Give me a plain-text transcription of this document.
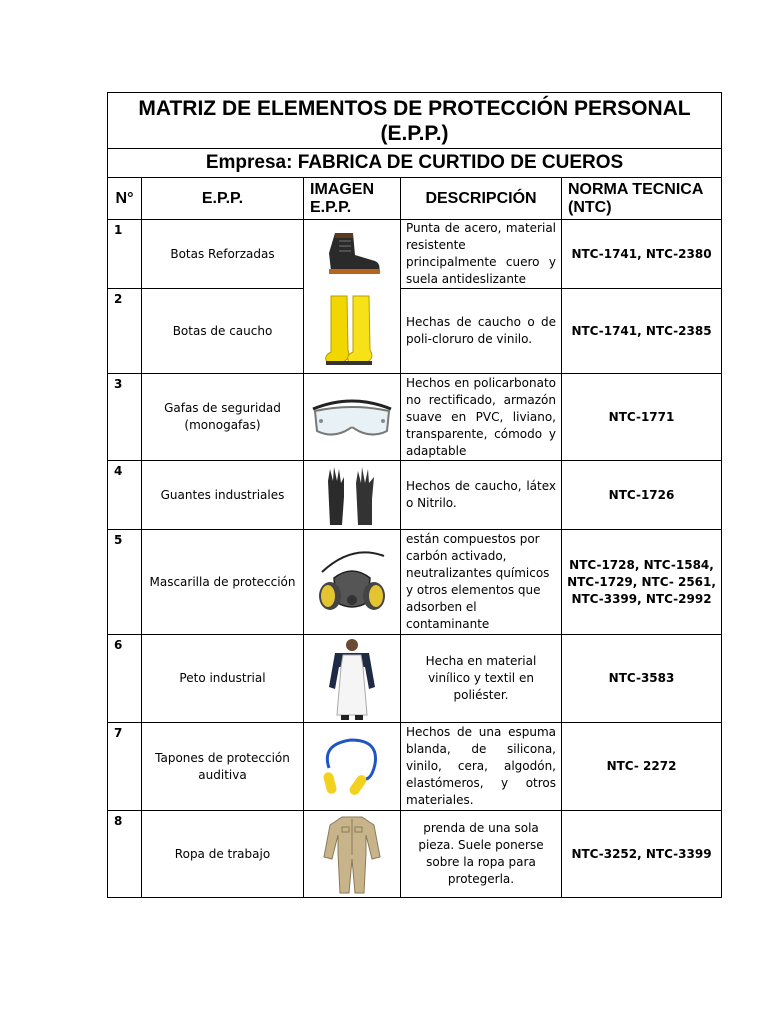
MATRIZ DE ELEMENTOS DE PROTECCIÓN PERSONAL (E.P.P.)				
Empresa: FABRICA DE CURTIDO DE CUEROS				
N°	E.P.P.	IMAGEN E.P.P.	DESCRIPCIÓN	NORMA TECNICA (NTC)
1	Botas Reforzadas		Punta de acero, material resistente principalmente cuero y suela antideslizante	NTC-1741, NTC-2380
2	Botas de caucho		Hechas de caucho o de poli-cloruro de vinilo.	NTC-1741, NTC-2385
3	Gafas de seguridad (monogafas)		Hechos en policarbonato no rectificado, armazón suave en PVC, liviano, transparente, cómodo y adaptable	NTC-1771
4	Guantes industriales		Hechos de caucho, látex o Nitrilo.	NTC-1726
5	Mascarilla de protección		están compuestos por carbón activado, neutralizantes químicos y otros elementos que adsorben el contaminante	NTC-1728, NTC-1584, NTC-1729, NTC- 2561, NTC-3399, NTC-2992
6	Peto industrial		Hecha en material vinílico y textil en poliéster.	NTC-3583
7	Tapones de protección auditiva		Hechos de una espuma blanda, de silicona, vinilo, cera, algodón, elastómeros, y otros materiales.	NTC- 2272
8	Ropa de trabajo		prenda de una sola pieza. Suele ponerse sobre la ropa para protegerla.	NTC-3252, NTC-3399
